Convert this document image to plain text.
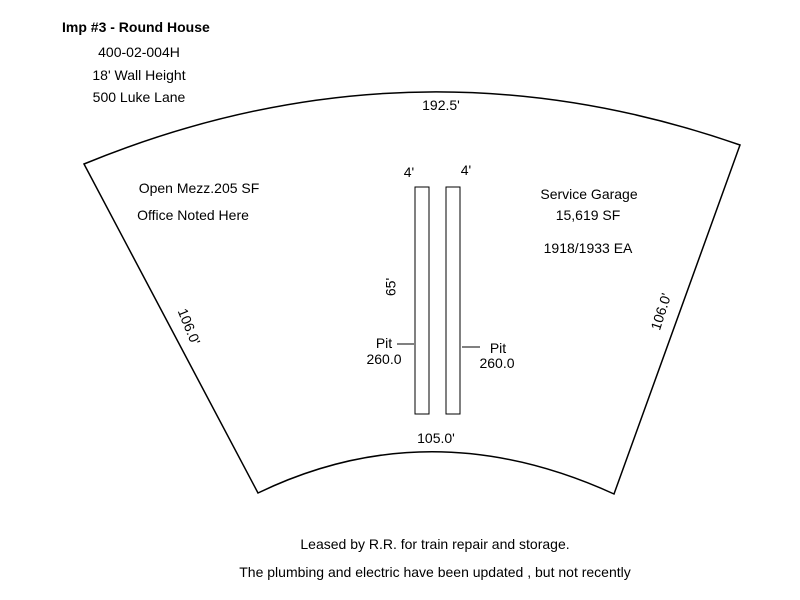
Imp #3 - Round House
400-02-004H
18' Wall Height
500 Luke Lane
106.0'	106.0'
65'
192.5'
105.0'
Open Mezz.205 SF
Office Noted Here
Service Garage
15,619 SF
1918/1933 EA
4'	4'
Pit
260.0
Pit
260.0
Leased by R.R. for train repair and storage.
The plumbing and electric have been updated , but not recently
